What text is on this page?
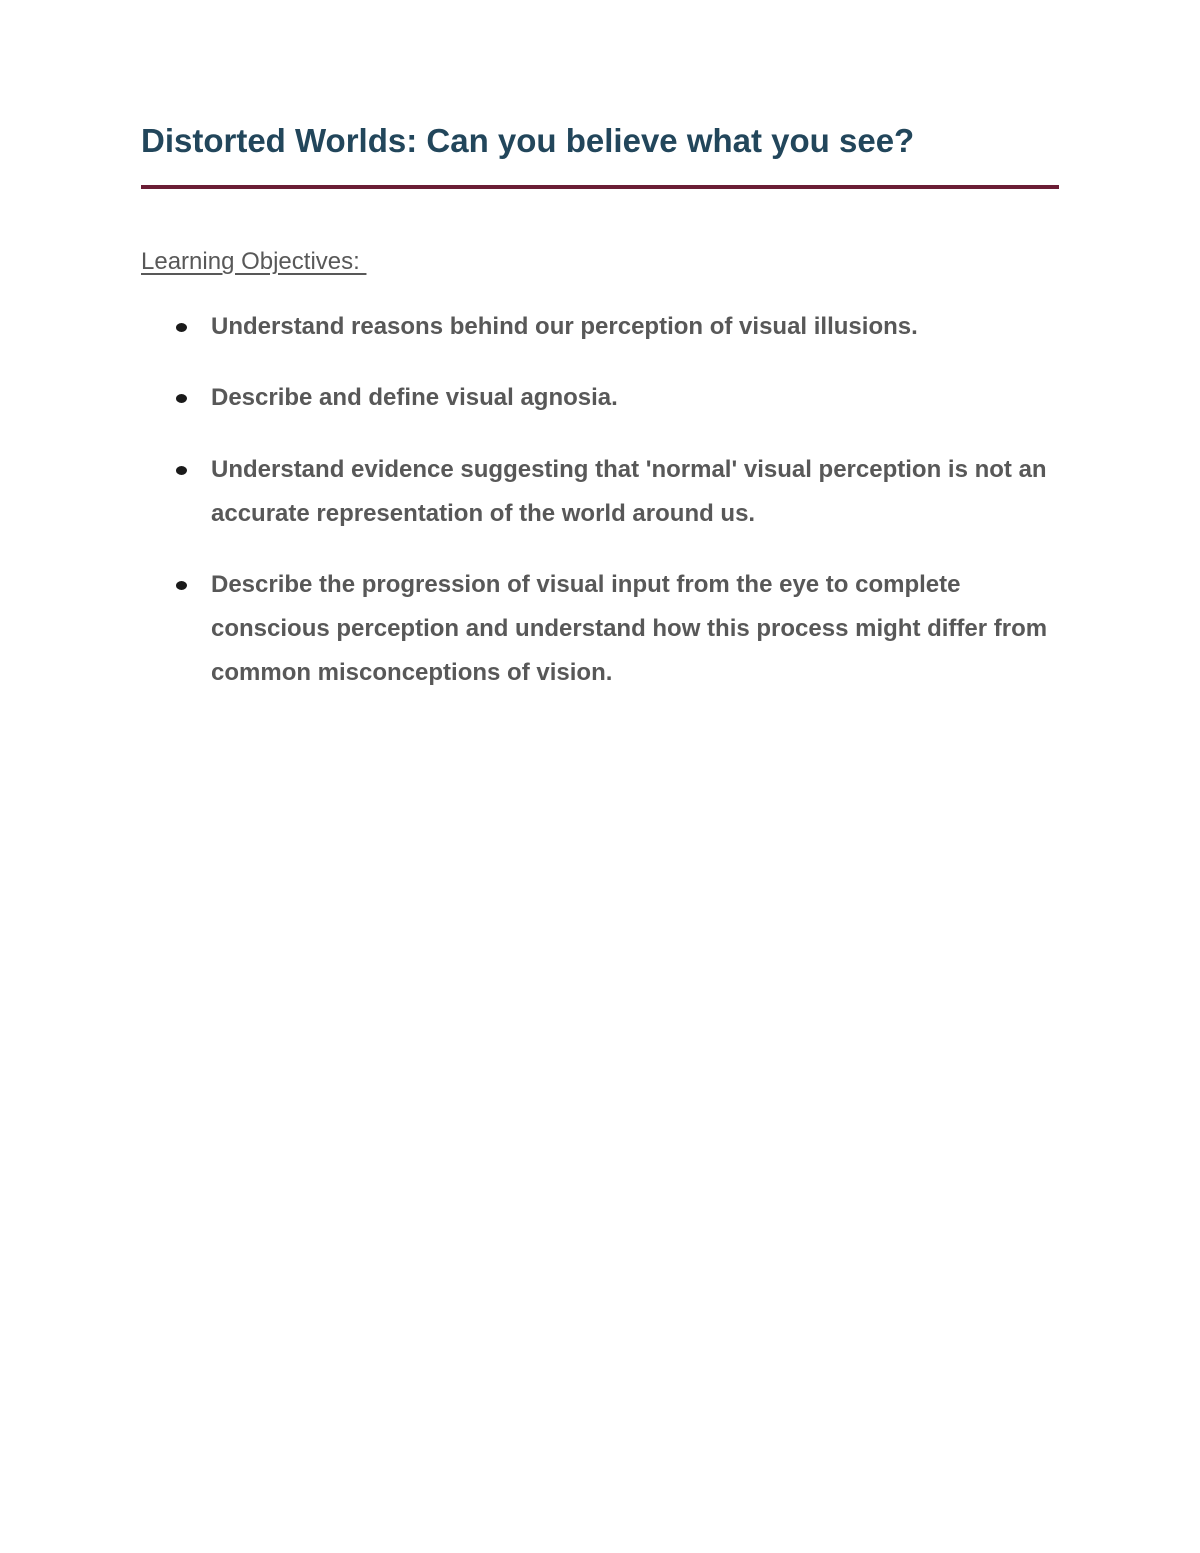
Distorted Worlds: Can you believe what you see?
Learning Objectives:
Understand reasons behind our perception of visual illusions.
Describe and define visual agnosia.
Understand evidence suggesting that 'normal' visual perception is not an accurate representation of the world around us.
Describe the progression of visual input from the eye to complete conscious perception and understand how this process might differ from common misconceptions of vision.
